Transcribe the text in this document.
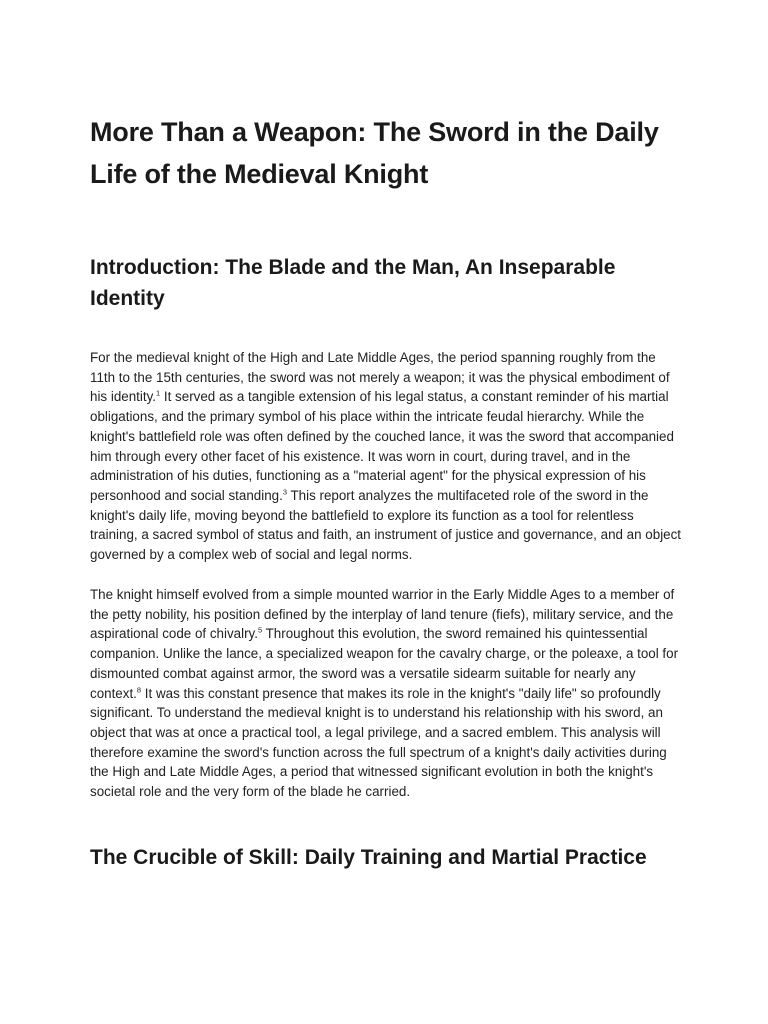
More Than a Weapon: The Sword in the Daily Life of the Medieval Knight
Introduction: The Blade and the Man, An Inseparable Identity

For the medieval knight of the High and Late Middle Ages, the period spanning roughly from the 11th to the 15th centuries, the sword was not merely a weapon; it was the physical embodiment of his identity.$^1$ It served as a tangible extension of his legal status, a constant reminder of his martial obligations, and the primary symbol of his place within the intricate feudal hierarchy. While the knight's battlefield role was often defined by the couched lance, it was the sword that accompanied him through every other facet of his existence. It was worn in court, during travel, and in the administration of his duties, functioning as a "material agent" for the physical expression of his personhood and social standing.$^3$ This report analyzes the multifaceted role of the sword in the knight's daily life, moving beyond the battlefield to explore its function as a tool for relentless training, a sacred symbol of status and faith, an instrument of justice and governance, and an object governed by a complex web of social and legal norms.

The knight himself evolved from a simple mounted warrior in the Early Middle Ages to a member of the petty nobility, his position defined by the interplay of land tenure (fiefs), military service, and the aspirational code of chivalry.$^5$ Throughout this evolution, the sword remained his quintessential companion. Unlike the lance, a specialized weapon for the cavalry charge, or the poleaxe, a tool for dismounted combat against armor, the sword was a versatile sidearm suitable for nearly any context.$^8$ It was this constant presence that makes its role in the knight's "daily life" so profoundly significant. To understand the medieval knight is to understand his relationship with his sword, an object that was at once a practical tool, a legal privilege, and a sacred emblem. This analysis will therefore examine the sword's function across the full spectrum of a knight's daily activities during the High and Late Middle Ages, a period that witnessed significant evolution in both the knight's societal role and the very form of the blade he carried.

The Crucible of Skill: Daily Training and Martial Practice
